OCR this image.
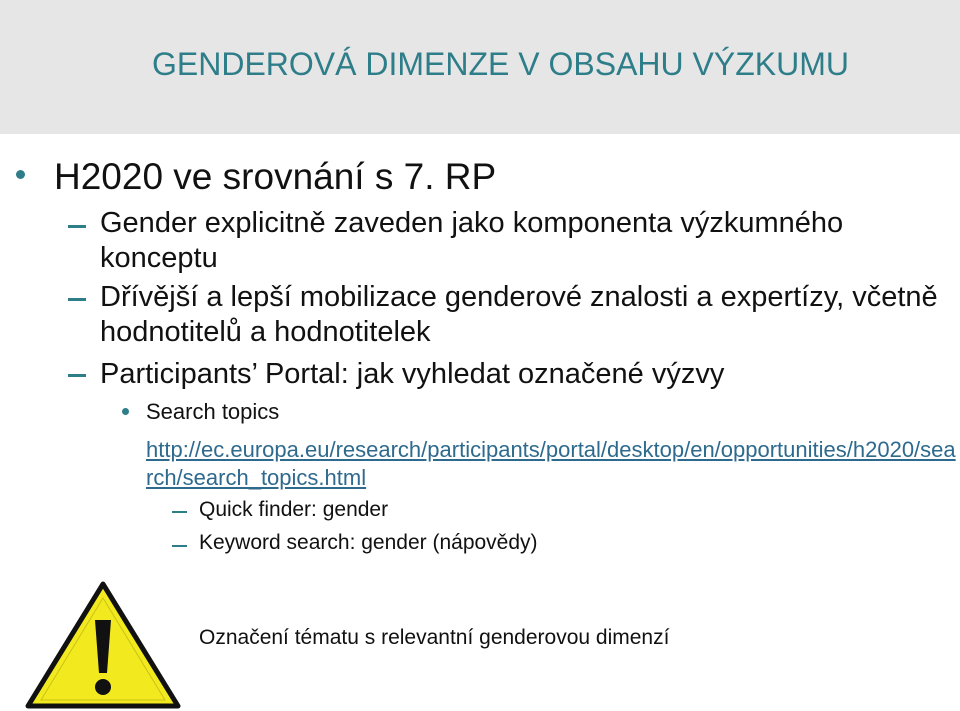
GENDEROVÁ DIMENZE V OBSAHU VÝZKUMU
H2020 ve srovnání s 7. RP
Gender explicitně zaveden jako komponenta výzkumného konceptu
Dřívější a lepší mobilizace genderové znalosti a expertízy, včetně hodnotitelů a hodnotitelek
Participants’ Portal: jak vyhledat označené výzvy
Search topics
http://ec.europa.eu/research/participants/portal/desktop/en/opportunities/h2020/search/search_topics.html
Quick finder: gender
Keyword search: gender (nápovědy)
Označení tématu s relevantní genderovou dimenzí
